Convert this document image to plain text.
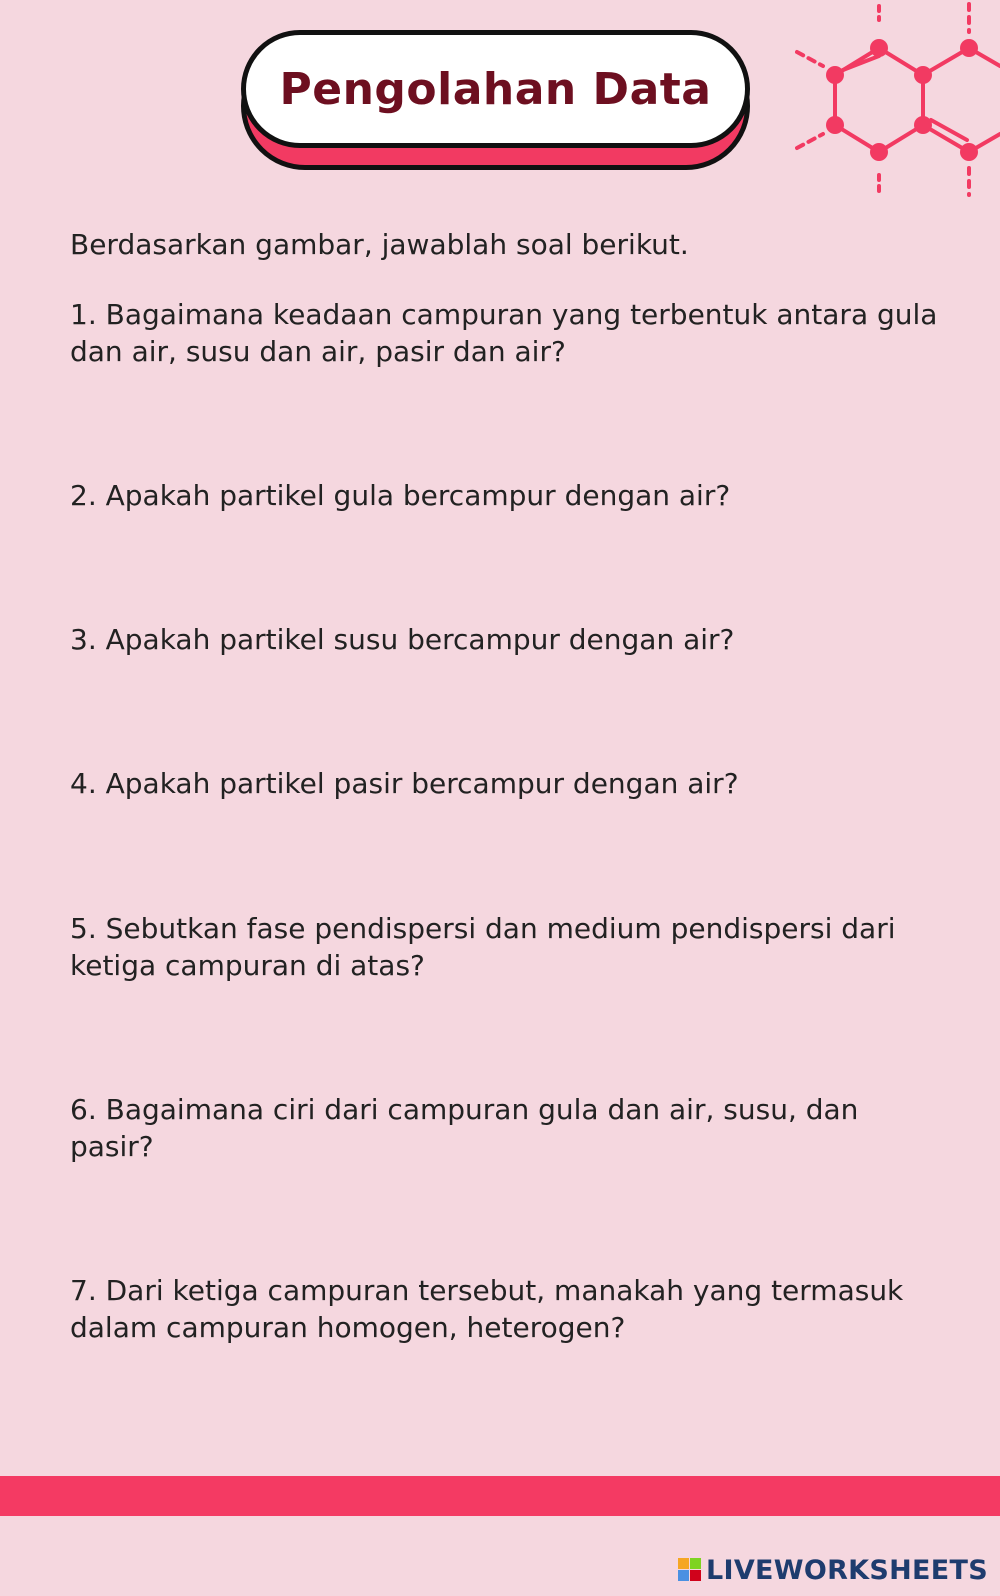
Pengolahan Data
Berdasarkan gambar, jawablah soal berikut.
1. Bagaimana keadaan campuran yang terbentuk antara gula dan air, susu dan air, pasir dan air?
2. Apakah partikel gula bercampur dengan air?
3. Apakah partikel susu bercampur dengan air?
4. Apakah partikel pasir bercampur dengan air?
5. Sebutkan fase pendispersi dan medium pendispersi dari ketiga campuran di atas?
6. Bagaimana ciri dari campuran gula dan air, susu, dan pasir?
7. Dari ketiga campuran tersebut, manakah yang termasuk dalam campuran homogen, heterogen?
LIVEWORKSHEETS
